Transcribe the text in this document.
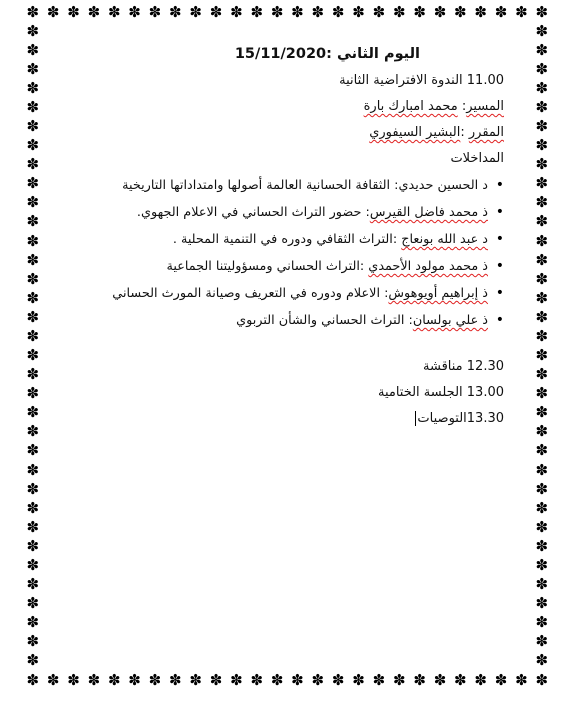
✽
✽
✽
✽
✽
✽
✽
✽
✽
✽
✽
✽
✽
✽
✽
✽
✽
✽
✽
✽
✽
✽
✽
✽
✽
✽
✽
✽
✽
✽
✽
✽
✽
✽
✽
✽
✽
✽
✽
✽
✽
✽
✽
✽
✽
✽
✽
✽
✽
✽
✽
✽
✽	✽
✽	✽
✽	✽
✽	✽
✽	✽
✽	✽
✽	✽
✽	✽
✽	✽
✽	✽
✽	✽
✽	✽
✽	✽
✽	✽
✽	✽
✽	✽
✽	✽
✽	✽
✽	✽
✽	✽
✽	✽
✽	✽
✽	✽
✽	✽
✽	✽
✽	✽
✽	✽
✽	✽
✽	✽
✽	✽
✽	✽
✽	✽
✽	✽
✽	✽
اليوم الثاني :15/11/2020
11.00 الندوة الافتراضية الثانية
المسير: محمد امبارك بارة
المقرر :البشير السيفوري
المداخلات
• د الحسين حديدي: الثقافة الحسانية العالمة أصولها وامتداداتها التاريخية
• ذ محمد فاضل القيرس: حضور التراث الحساني في الاعلام الجهوي.
• د عبد الله بونعاج :التراث الثقافي ودوره في التنمية المحلية .
• ذ محمد مولود الأحمدي :التراث الحساني ومسؤوليتنا الجماعية
• ذ إبراهيم أويوهوش: الاعلام ودوره في التعريف وصيانة المورث الحساني
• ذ علي بولسان: التراث الحساني والشأن التربوي
12.30 مناقشة
13.00 الجلسة الختامية
13.30التوصيات
